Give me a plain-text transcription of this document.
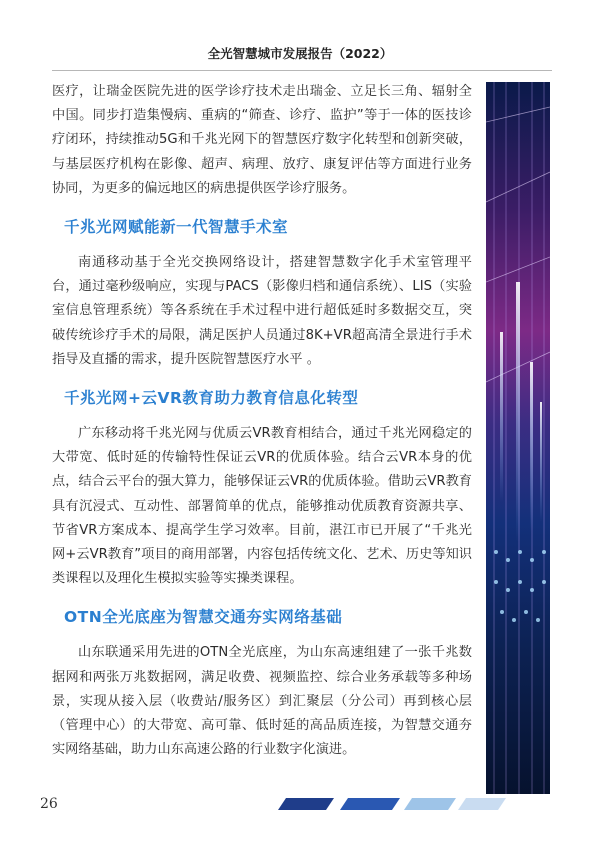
全光智慧城市发展报告（2022）

医疗，让瑞金医院先进的医学诊疗技术走出瑞金、立足长三角、辐射全中国。同步打造集慢病、重病的“筛查、诊疗、监护”等于一体的医技诊疗闭环，持续推动5G和千兆光网下的智慧医疗数字化转型和创新突破，与基层医疗机构在影像、超声、病理、放疗、康复评估等方面进行业务协同，为更多的偏远地区的病患提供医学诊疗服务。

千兆光网赋能新一代智慧手术室

南通移动基于全光交换网络设计，搭建智慧数字化手术室管理平台，通过毫秒级响应，实现与PACS（影像归档和通信系统）、LIS（实验室信息管理系统）等各系统在手术过程中进行超低延时多数据交互，突破传统诊疗手术的局限，满足医护人员通过8K+VR超高清全景进行手术指导及直播的需求，提升医院智慧医疗水平 。

千兆光网+云VR教育助力教育信息化转型

广东移动将千兆光网与优质云VR教育相结合，通过千兆光网稳定的大带宽、低时延的传输特性保证云VR的优质体验。结合云VR本身的优点，结合云平台的强大算力，能够保证云VR的优质体验。借助云VR教育具有沉浸式、互动性、部署简单的优点，能够推动优质教育资源共享、节省VR方案成本、提高学生学习效率。目前，湛江市已开展了“千兆光网+云VR教育”项目的商用部署，内容包括传统文化、艺术、历史等知识类课程以及理化生模拟实验等实操类课程。

OTN全光底座为智慧交通夯实网络基础

山东联通采用先进的OTN全光底座，为山东高速组建了一张千兆数据网和两张万兆数据网，满足收费、视频监控、综合业务承载等多种场景，实现从接入层（收费站/服务区）到汇聚层（分公司）再到核心层（管理中心）的大带宽、高可靠、低时延的高品质连接，为智慧交通夯实网络基础，助力山东高速公路的行业数字化演进。

26
